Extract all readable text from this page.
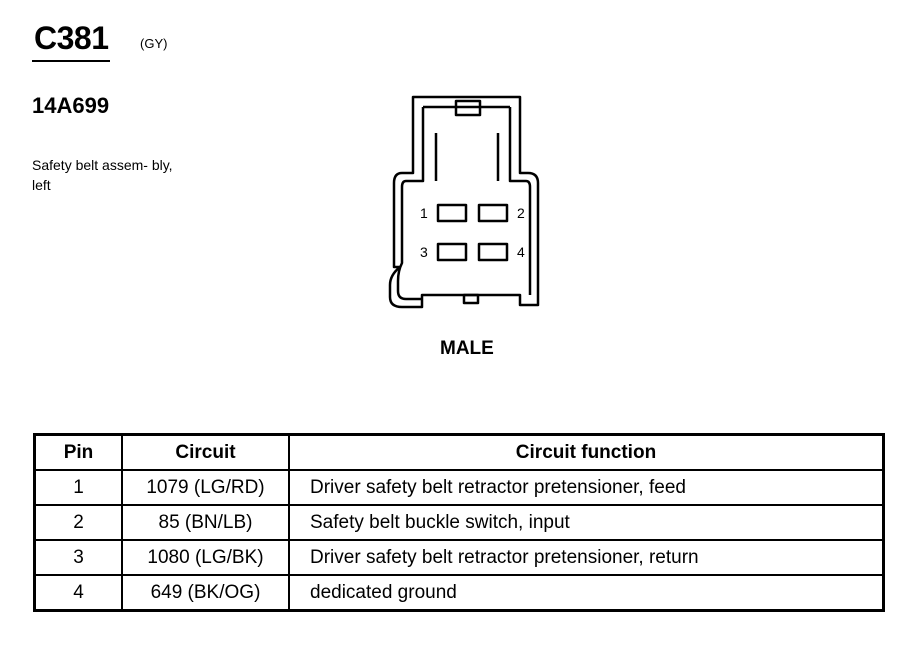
C381 (GY)
14A699
Safety belt assem- bly, left
1	2
3	4
MALE
Pin	Circuit	Circuit function
1	1079 (LG/RD)	Driver safety belt retractor pretensioner, feed
2	85 (BN/LB)	Safety belt buckle switch, input
3	1080 (LG/BK)	Driver safety belt retractor pretensioner, return
4	649 (BK/OG)	dedicated ground
